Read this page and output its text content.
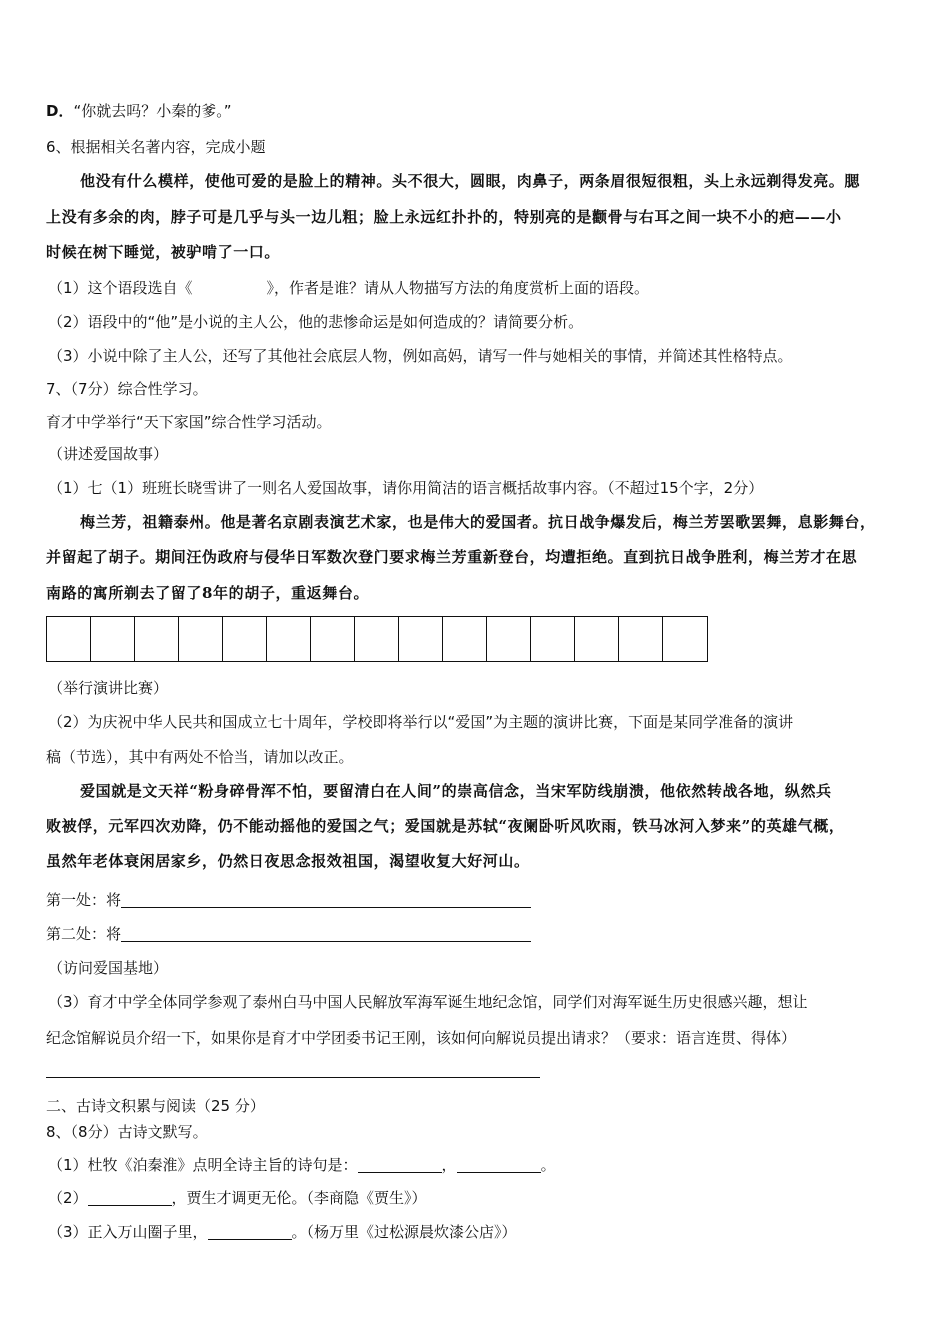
D．“你就去吗？小秦的爹。”
6、根据相关名著内容，完成小题
他没有什么模样，使他可爱的是脸上的精神。头不很大，圆眼，肉鼻子，两条眉很短很粗，头上永远剃得发亮。腮
上没有多余的肉，脖子可是几乎与头一边儿粗；脸上永远红扑扑的，特别亮的是颧骨与右耳之间一块不小的疤——小
时候在树下睡觉，被驴啃了一口。
（1）这个语段选自《	》，作者是谁？请从人物描写方法的角度赏析上面的语段。
（2）语段中的“他”是小说的主人公，他的悲惨命运是如何造成的？请简要分析。
（3）小说中除了主人公，还写了其他社会底层人物，例如高妈，请写一件与她相关的事情，并简述其性格特点。
7、（7分）综合性学习。
育才中学举行“天下家国”综合性学习活动。
（讲述爱国故事）
（1）七（1）班班长晓雪讲了一则名人爱国故事，请你用简洁的语言概括故事内容。（不超过15个字，2分）
梅兰芳，祖籍泰州。他是著名京剧表演艺术家，也是伟大的爱国者。抗日战争爆发后，梅兰芳罢歌罢舞，息影舞台，
并留起了胡子。期间汪伪政府与侵华日军数次登门要求梅兰芳重新登台，均遭拒绝。直到抗日战争胜利，梅兰芳才在思
南路的寓所剃去了留了8年的胡子，重返舞台。
（举行演讲比赛）
（2）为庆祝中华人民共和国成立七十周年，学校即将举行以“爱国”为主题的演讲比赛，下面是某同学准备的演讲
稿（节选），其中有两处不恰当，请加以改正。
爱国就是文天祥“粉身碎骨浑不怕，要留清白在人间”的崇高信念，当宋军防线崩溃，他依然转战各地，纵然兵
败被俘，元军四次劝降，仍不能动摇他的爱国之气；爱国就是苏轼“夜阑卧听风吹雨，铁马冰河入梦来”的英雄气概，
虽然年老体衰闲居家乡，仍然日夜思念报效祖国，渴望收复大好河山。
第一处：将
第二处：将
（访问爱国基地）
（3）育才中学全体同学参观了泰州白马中国人民解放军海军诞生地纪念馆，同学们对海军诞生历史很感兴趣，想让
纪念馆解说员介绍一下，如果你是育才中学团委书记王刚，该如何向解说员提出请求？（要求：语言连贯、得体）
二、古诗文积累与阅读（25 分）
8、（8分）古诗文默写。
（1）杜牧《泊秦淮》点明全诗主旨的诗句是：	，	。
（2）	，贾生才调更无伦。（李商隐《贾生》）
（3）正入万山圈子里，	。（杨万里《过松源晨炊漆公店》）
